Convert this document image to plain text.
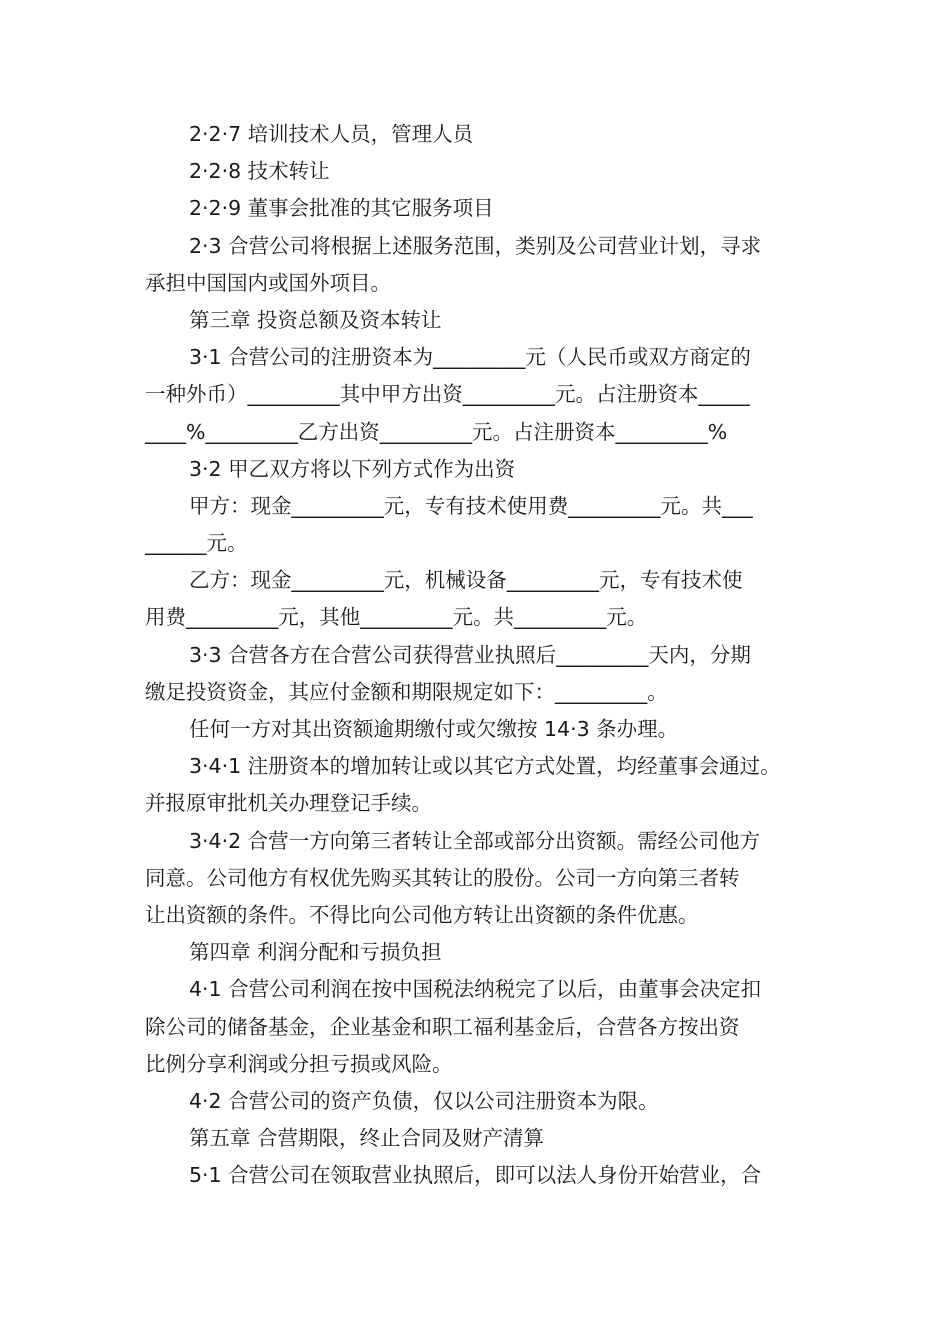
2·2·7 培训技术人员，管理人员
2·2·8 技术转让
2·2·9 董事会批准的其它服务项目
2·3 合营公司将根据上述服务范围，类别及公司营业计划，寻求
承担中国国内或国外项目。
第三章 投资总额及资本转让
3·1 合营公司的注册资本为_________元（人民币或双方商定的
一种外币）_________其中甲方出资_________元。占注册资本_____
____%_________乙方出资_________元。占注册资本_________%
3·2 甲乙双方将以下列方式作为出资
甲方：现金_________元，专有技术使用费_________元。共___
______元。
乙方：现金_________元，机械设备_________元，专有技术使
用费_________元，其他_________元。共_________元。
3·3 合营各方在合营公司获得营业执照后_________天内，分期
缴足投资资金，其应付金额和期限规定如下：_________。
任何一方对其出资额逾期缴付或欠缴按 14·3 条办理。
3·4·1 注册资本的增加转让或以其它方式处置，均经董事会通过。
并报原审批机关办理登记手续。
3·4·2 合营一方向第三者转让全部或部分出资额。需经公司他方
同意。公司他方有权优先购买其转让的股份。公司一方向第三者转
让出资额的条件。不得比向公司他方转让出资额的条件优惠。
第四章 利润分配和亏损负担
4·1 合营公司利润在按中国税法纳税完了以后，由董事会决定扣
除公司的储备基金，企业基金和职工福利基金后，合营各方按出资
比例分享利润或分担亏损或风险。
4·2 合营公司的资产负债，仅以公司注册资本为限。
第五章 合营期限，终止合同及财产清算
5·1 合营公司在领取营业执照后，即可以法人身份开始营业，合
